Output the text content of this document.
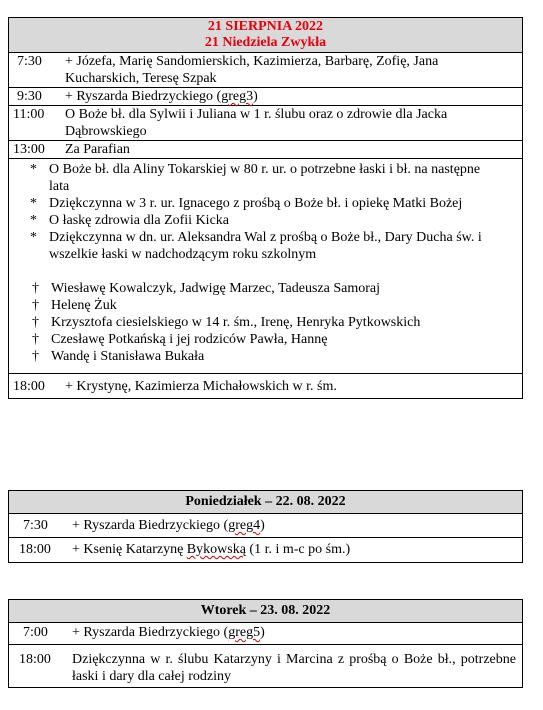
21 SIERPNIA 2022
21 Niedziela Zwykła
7:30	+ Józefa, Marię Sandomierskich, Kazimierza, Barbarę, Zofię, Jana Kucharskich, Teresę Szpak
9:30	+ Ryszarda Biedrzyckiego (greg3)
11:00	O Boże bł. dla Sylwii i Juliana w 1 r. ślubu oraz o zdrowie dla Jacka Dąbrowskiego
13:00	Za Parafian
* O Boże bł. dla Aliny Tokarskiej w 80 r. ur. o potrzebne łaski i bł. na następne lata
* Dziękczynna w 3 r. ur. Ignacego z prośbą o Boże bł. i opiekę Matki Bożej
* O łaskę zdrowia dla Zofii Kicka
* Dziękczynna w dn. ur. Aleksandra Wal z prośbą o Boże bł., Dary Ducha św. i wszelkie łaski w nadchodzącym roku szkolnym
† Wiesławę Kowalczyk, Jadwigę Marzec, Tadeusza Samoraj
† Helenę Żuk
† Krzysztofa ciesielskiego w 14 r. śm., Irenę, Henryka Pytkowskich
† Czesławę Potkańską i jej rodziców Pawła, Hannę
† Wandę i Stanisława Bukała
18:00	+ Krystynę, Kazimierza Michałowskich w r. śm.
Poniedziałek – 22. 08. 2022
7:30	+ Ryszarda Biedrzyckiego (greg4)
18:00	+ Ksenię Katarzynę Bykowską (1 r. i m-c po śm.)
Wtorek – 23. 08. 2022
7:00	+ Ryszarda Biedrzyckiego (greg5)
18:00	Dziękczynna w r. ślubu Katarzyny i Marcina z prośbą o Boże bł., potrzebne łaski i dary dla całej rodziny
